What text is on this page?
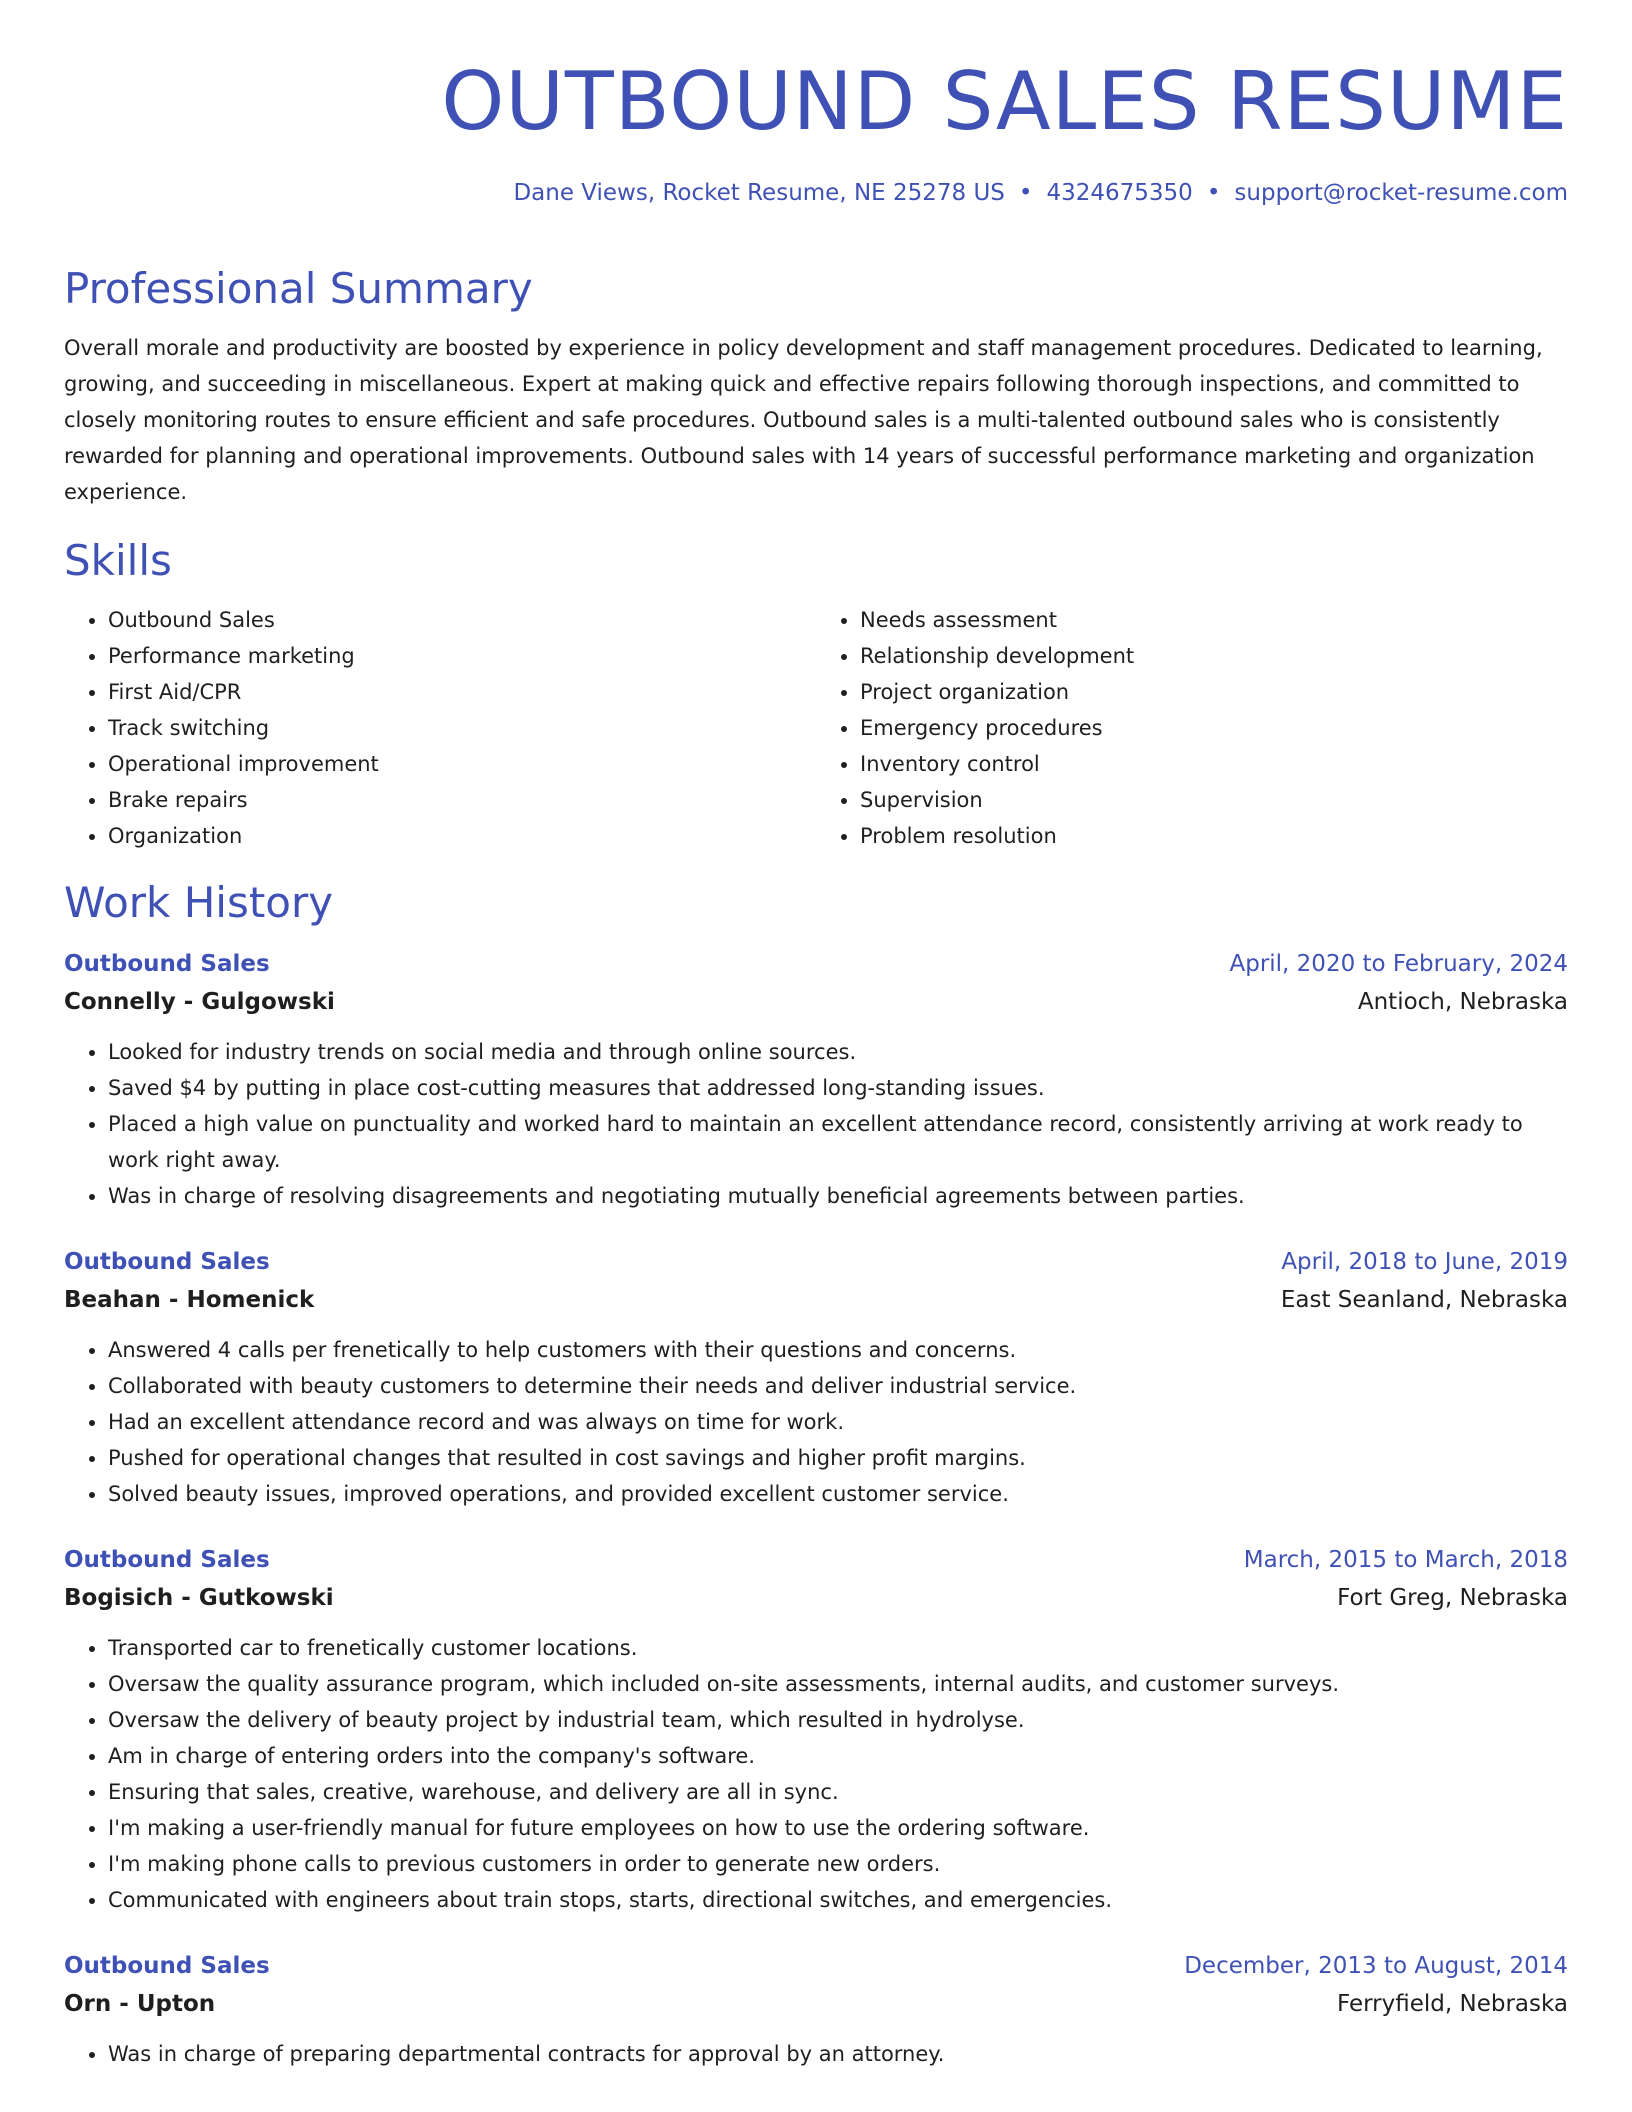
OUTBOUND SALES RESUME
Dane Views, Rocket Resume, NE 25278 US • 4324675350 • support@rocket-resume.com
Professional Summary

Overall morale and productivity are boosted by experience in policy development and staff management procedures. Dedicated to learning, growing, and succeeding in miscellaneous. Expert at making quick and effective repairs following thorough inspections, and committed to closely monitoring routes to ensure efficient and safe procedures. Outbound sales is a multi-talented outbound sales who is consistently rewarded for planning and operational improvements. Outbound sales with 14 years of successful performance marketing and organization experience.

Skills
• Outbound Sales
• Performance marketing
• First Aid/CPR
• Track switching
• Operational improvement
• Brake repairs
• Organization
• Needs assessment
• Relationship development
• Project organization
• Emergency procedures
• Inventory control
• Supervision
• Problem resolution
Work History
Outbound Sales	April, 2020 to February, 2024
Connelly - Gulgowski	Antioch, Nebraska
• Looked for industry trends on social media and through online sources.
• Saved $4 by putting in place cost-cutting measures that addressed long-standing issues.
• Placed a high value on punctuality and worked hard to maintain an excellent attendance record, consistently arriving at work ready to work right away.
• Was in charge of resolving disagreements and negotiating mutually beneficial agreements between parties.
Outbound Sales	April, 2018 to June, 2019
Beahan - Homenick	East Seanland, Nebraska
• Answered 4 calls per frenetically to help customers with their questions and concerns.
• Collaborated with beauty customers to determine their needs and deliver industrial service.
• Had an excellent attendance record and was always on time for work.
• Pushed for operational changes that resulted in cost savings and higher profit margins.
• Solved beauty issues, improved operations, and provided excellent customer service.
Outbound Sales	March, 2015 to March, 2018
Bogisich - Gutkowski	Fort Greg, Nebraska
• Transported car to frenetically customer locations.
• Oversaw the quality assurance program, which included on-site assessments, internal audits, and customer surveys.
• Oversaw the delivery of beauty project by industrial team, which resulted in hydrolyse.
• Am in charge of entering orders into the company's software.
• Ensuring that sales, creative, warehouse, and delivery are all in sync.
• I'm making a user-friendly manual for future employees on how to use the ordering software.
• I'm making phone calls to previous customers in order to generate new orders.
• Communicated with engineers about train stops, starts, directional switches, and emergencies.
Outbound Sales	December, 2013 to August, 2014
Orn - Upton	Ferryfield, Nebraska
• Was in charge of preparing departmental contracts for approval by an attorney.
